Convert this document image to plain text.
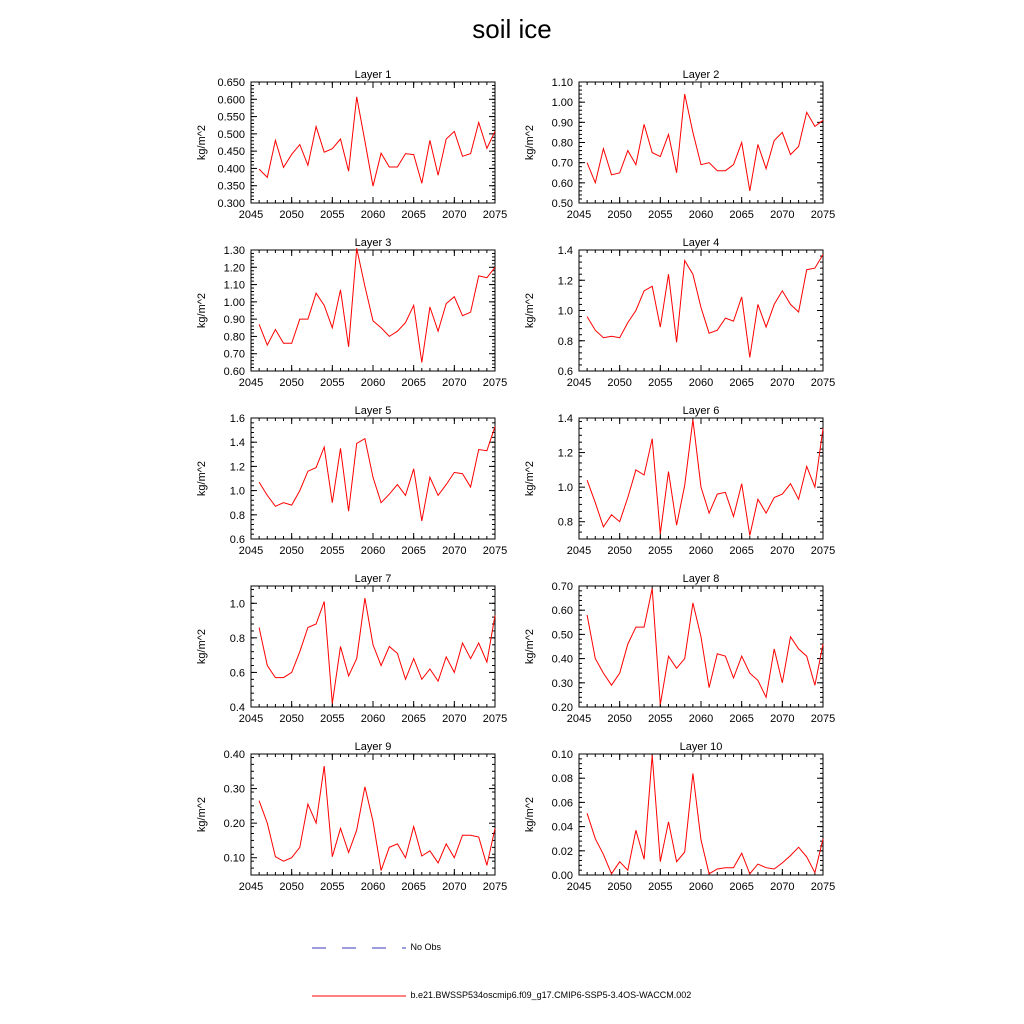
soil ice
Layer 1
kg/m^2
2045 2050 2055 2060 2065 2070 2075
0.300
0.350
0.400
0.450
0.500
0.550
0.600
0.650
Layer 2
kg/m^2
2045 2050 2055 2060 2065 2070 2075
0.50
0.60
0.70
0.80
0.90
1.00
1.10
Layer 3
kg/m^2
2045 2050 2055 2060 2065 2070 2075
0.60
0.70
0.80
0.90
1.00
1.10
1.20
1.30
Layer 4
kg/m^2
2045 2050 2055 2060 2065 2070 2075
0.6
0.8
1.0
1.2
1.4
Layer 5
kg/m^2
2045 2050 2055 2060 2065 2070 2075
0.6
0.8
1.0
1.2
1.4
1.6
Layer 6
kg/m^2
2045 2050 2055 2060 2065 2070 2075
0.8
1.0
1.2
1.4
Layer 7
kg/m^2
2045 2050 2055 2060 2065 2070 2075
0.4
0.6
0.8
1.0
Layer 8
kg/m^2
2045 2050 2055 2060 2065 2070 2075
0.20
0.30
0.40
0.50
0.60
0.70
Layer 9
kg/m^2
2045 2050 2055 2060 2065 2070 2075
0.10
0.20
0.30
0.40
Layer 10
kg/m^2
2045 2050 2055 2060 2065 2070 2075
0.00
0.02
0.04
0.06
0.08
0.10
No Obs
b.e21.BWSSP534oscmip6.f09_g17.CMIP6-SSP5-3.4OS-WACCM.002
